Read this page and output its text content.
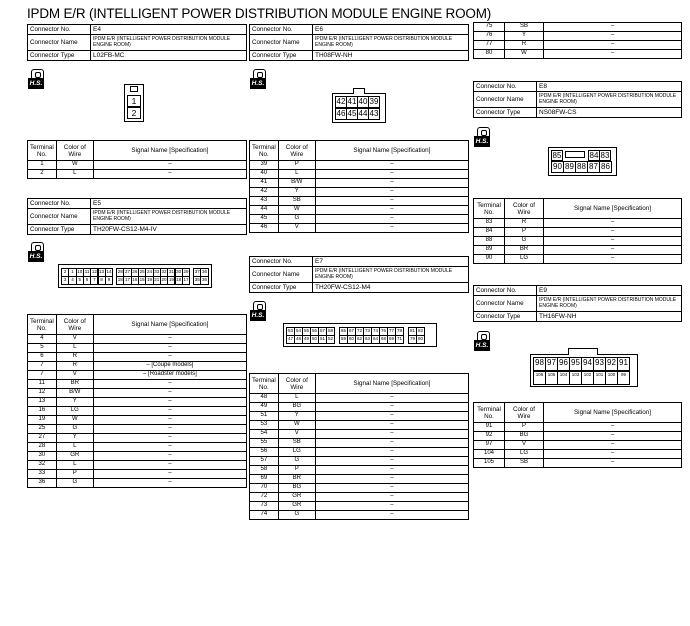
IPDM E/R (INTELLIGENT POWER DISTRIBUTION MODULE ENGINE ROOM)
Connector No.	E4
Connector Name	IPDM E/R (INTELLIGENT POWER DISTRIBUTION MODULE ENGINE ROOM)
Connector Type	L02FB-MC
H.S.
1
2
Terminal No.	Color of Wire	Signal Name [Specification]
1	W	–
2	L	–
Connector No.	E5
Connector Name	IPDM E/R (INTELLIGENT POWER DISTRIBUTION MODULE ENGINE ROOM)
Connector Type	TH20FW-CS12-M4-IV
H.S.
Terminal No.	Color of Wire	Signal Name [Specification]
4	V	–
5	L	–
6	R	–
7	R	– [Coupe models]
7	V	– [Roadster models]
11	BR	–
12	B/W	–
13	Y	–
16	LG	–
19	W	–
25	G	–
27	Y	–
28	L	–
30	GR	–
32	L	–
33	P	–
36	G	–
Connector No.	E6
Connector Name	IPDM E/R (INTELLIGENT POWER DISTRIBUTION MODULE ENGINE ROOM)
Connector Type	TH08FW-NH
H.S.
42 41 40 39
46 45 44 43
Terminal No.	Color of Wire	Signal Name [Specification]
39	P	–
40	L	–
41	B/W	–
42	Y	–
43	SB	–
44	W	–
45	G	–
46	V	–
Connector No.	E7
Connector Name	IPDM E/R (INTELLIGENT POWER DISTRIBUTION MODULE ENGINE ROOM)
Connector Type	TH20FW-CS12-M4
H.S.
Terminal No.	Color of Wire	Signal Name [Specification]
48	L	–
49	BG	–
51	Y	–
53	W	–
54	V	–
55	SB	–
56	LG	–
57	G	–
58	P	–
69	BR	–
70	BG	–
72	GR	–
73	GR	–
74	G	–
75	SB	–
76	Y	–
77	R	–
80	W	–
Connector No.	E8
Connector Name	IPDM E/R (INTELLIGENT POWER DISTRIBUTION MODULE ENGINE ROOM)
Connector Type	NS08FW-CS
H.S.
85	84 83
90 89 88 87 86
Terminal No.	Color of Wire	Signal Name [Specification]
83	R	–
84	P	–
88	G	–
89	BR	–
90	LG	–
Connector No.	E9
Connector Name	IPDM E/R (INTELLIGENT POWER DISTRIBUTION MODULE ENGINE ROOM)
Connector Type	TH16FW-NH
H.S.
98 97 96 95 94 93 92 91
106 105 104 103 102 101 100	99
Terminal No.	Color of Wire	Signal Name [Specification]
91	P	–
92	BG	–
97	V	–
104	LG	–
105	SB	–
2	1 10 11 12 13 14	28 27 26 25 24 33 32 31 30 29	37 36
3	4	5	6	7	8	9	18 17 16 15 19 21 20 19 18 17	35 36
53 54 55 56 57 58	65 67 72 73 74 76 77 78	81 82
47 48 49 50 51 52	59 60 62 63 64 68 69 71	79 80
